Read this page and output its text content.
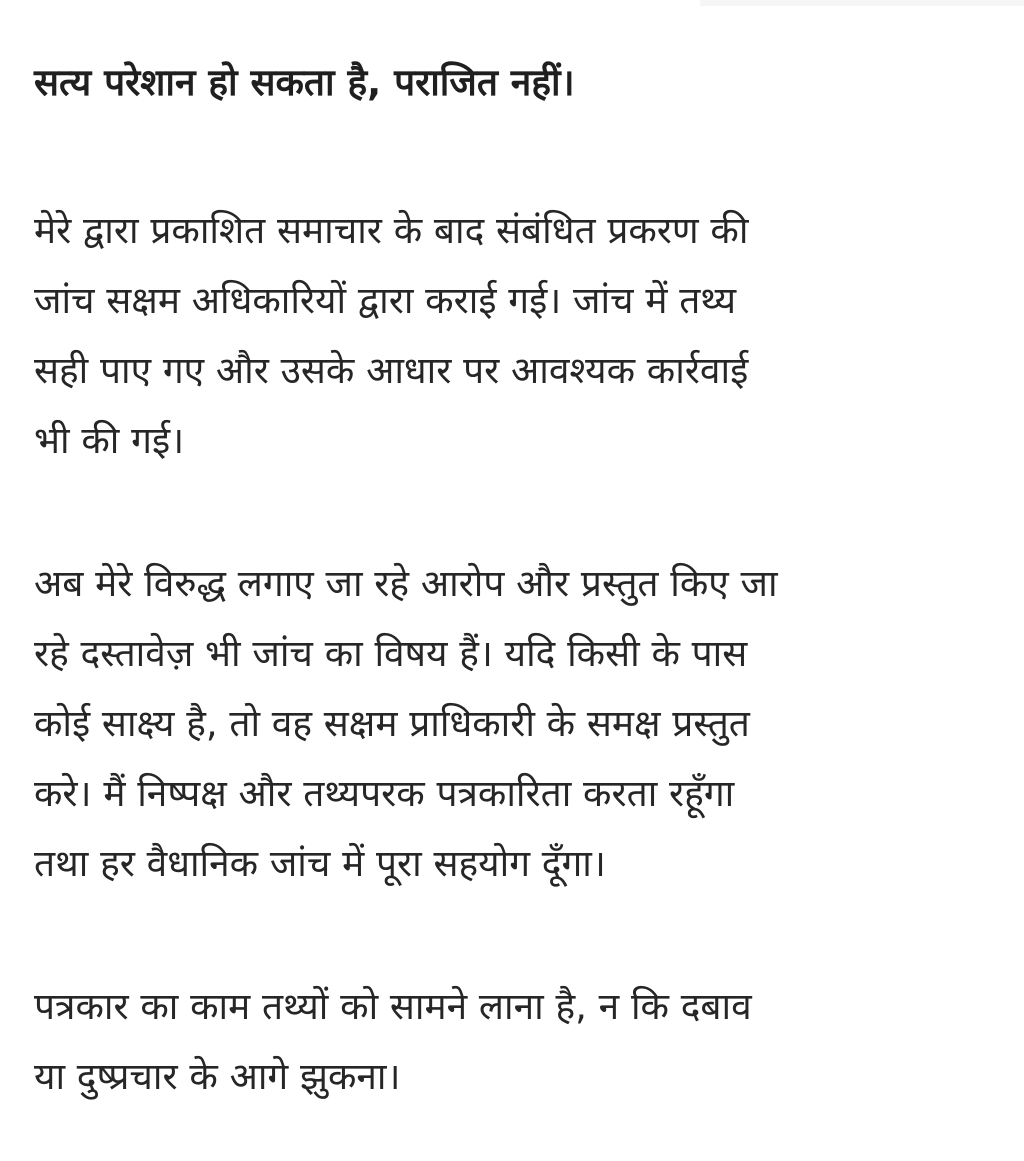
सत्य परेशान हो सकता है, पराजित नहीं।

मेरे द्वारा प्रकाशित समाचार के बाद संबंधित प्रकरण की
जांच सक्षम अधिकारियों द्वारा कराई गई। जांच में तथ्य
सही पाए गए और उसके आधार पर आवश्यक कार्रवाई
भी की गई।

अब मेरे विरुद्ध लगाए जा रहे आरोप और प्रस्तुत किए जा
रहे दस्तावेज़ भी जांच का विषय हैं। यदि किसी के पास
कोई साक्ष्य है, तो वह सक्षम प्राधिकारी के समक्ष प्रस्तुत
करे। मैं निष्पक्ष और तथ्यपरक पत्रकारिता करता रहूँगा
तथा हर वैधानिक जांच में पूरा सहयोग दूँगा।

पत्रकार का काम तथ्यों को सामने लाना है, न कि दबाव
या दुष्प्रचार के आगे झुकना।
